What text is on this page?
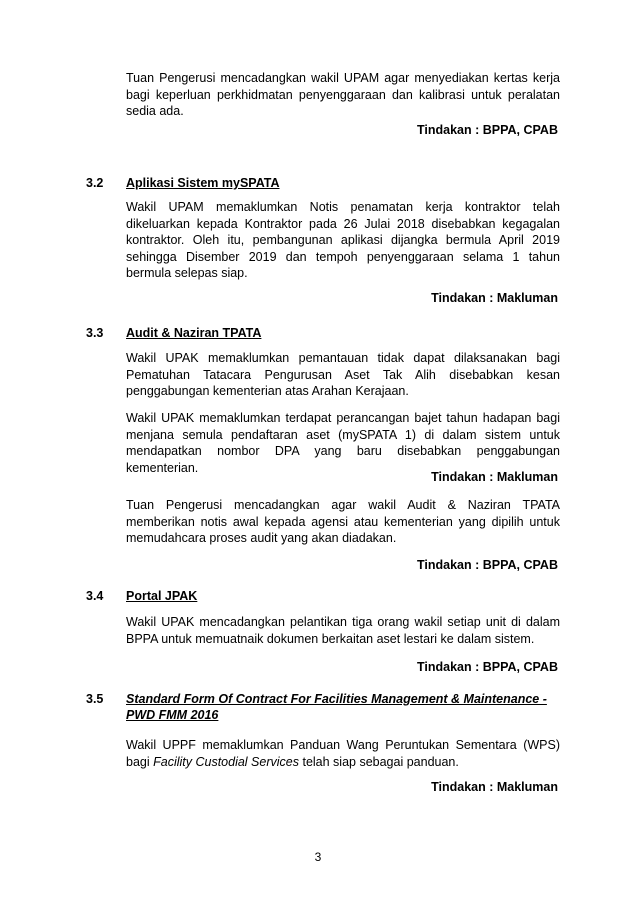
Tuan Pengerusi mencadangkan wakil UPAM agar menyediakan kertas kerja bagi keperluan perkhidmatan penyenggaraan dan kalibrasi untuk peralatan sedia ada.

Tindakan : BPPA, CPAB

3.2 Aplikasi Sistem mySPATA

Wakil UPAM memaklumkan Notis penamatan kerja kontraktor telah dikeluarkan kepada Kontraktor pada 26 Julai 2018 disebabkan kegagalan kontraktor. Oleh itu, pembangunan aplikasi dijangka bermula April 2019 sehingga Disember 2019 dan tempoh penyenggaraan selama 1 tahun bermula selepas siap.

Tindakan : Makluman

3.3 Audit & Naziran TPATA

Wakil UPAK memaklumkan pemantauan tidak dapat dilaksanakan bagi Pematuhan Tatacara Pengurusan Aset Tak Alih disebabkan kesan penggabungan kementerian atas Arahan Kerajaan.

Wakil UPAK memaklumkan terdapat perancangan bajet tahun hadapan bagi menjana semula pendaftaran aset (mySPATA 1) di dalam sistem untuk mendapatkan nombor DPA yang baru disebabkan penggabungan kementerian.

Tindakan : Makluman

Tuan Pengerusi mencadangkan agar wakil Audit & Naziran TPATA memberikan notis awal kepada agensi atau kementerian yang dipilih untuk memudahcara proses audit yang akan diadakan.

Tindakan : BPPA, CPAB

3.4 Portal JPAK

Wakil UPAK mencadangkan pelantikan tiga orang wakil setiap unit di dalam BPPA untuk memuatnaik dokumen berkaitan aset lestari ke dalam sistem.

Tindakan : BPPA, CPAB

3.5 Standard Form Of Contract For Facilities Management & Maintenance - PWD FMM 2016

Wakil UPPF memaklumkan Panduan Wang Peruntukan Sementara (WPS) bagi Facility Custodial Services telah siap sebagai panduan.

Tindakan : Makluman

3
